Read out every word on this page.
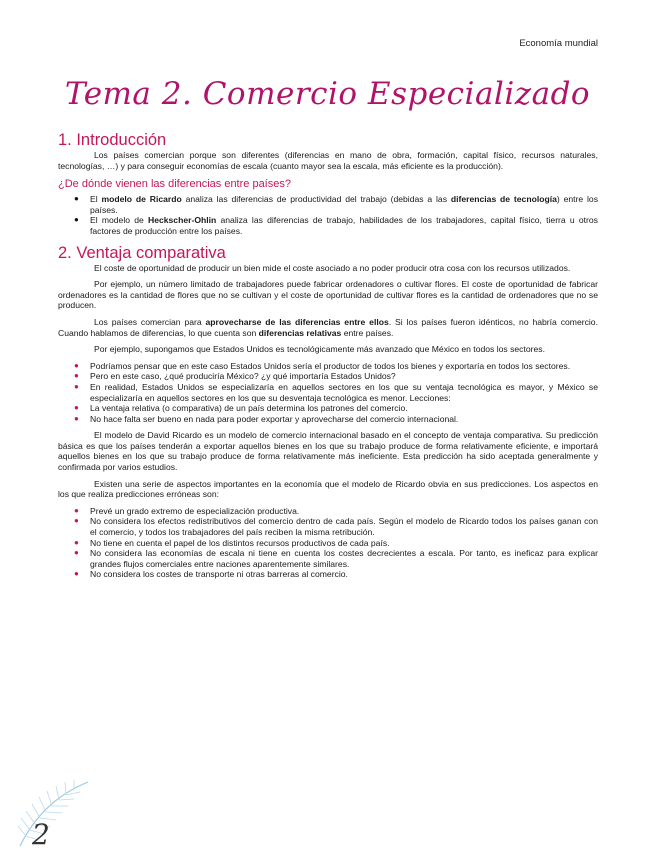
Economía mundial
Tema 2. Comercio Especializado
1. Introducción

Los países comercian porque son diferentes (diferencias en mano de obra, formación, capital físico, recursos naturales, tecnologías, …) y para conseguir economías de escala (cuanto mayor sea la escala, más eficiente es la producción).

¿De dónde vienen las diferencias entre países?
● El modelo de Ricardo analiza las diferencias de productividad del trabajo (debidas a las diferencias de tecnología) entre los países.
● El modelo de Heckscher-Ohlin analiza las diferencias de trabajo, habilidades de los trabajadores, capital físico, tierra u otros factores de producción entre los países.
2. Ventaja comparativa

El coste de oportunidad de producir un bien mide el coste asociado a no poder producir otra cosa con los recursos utilizados.

Por ejemplo, un número limitado de trabajadores puede fabricar ordenadores o cultivar flores. El coste de oportunidad de fabricar ordenadores es la cantidad de flores que no se cultivan y el coste de oportunidad de cultivar flores es la cantidad de ordenadores que no se producen.

Los países comercian para aprovecharse de las diferencias entre ellos. Si los países fueron idénticos, no habría comercio. Cuando hablamos de diferencias, lo que cuenta son diferencias relativas entre países.

Por ejemplo, supongamos que Estados Unidos es tecnológicamente más avanzado que México en todos los sectores.

● Podríamos pensar que en este caso Estados Unidos sería el productor de todos los bienes y exportaría en todos los sectores.
● Pero en este caso, ¿qué produciría México? ¿y qué importaría Estados Unidos?
● En realidad, Estados Unidos se especializaría en aquellos sectores en los que su ventaja tecnológica es mayor, y México se especializaría en aquellos sectores en los que su desventaja tecnológica es menor. Lecciones:
● La ventaja relativa (o comparativa) de un país determina los patrones del comercio.
● No hace falta ser bueno en nada para poder exportar y aprovecharse del comercio internacional.

El modelo de David Ricardo es un modelo de comercio internacional basado en el concepto de ventaja comparativa. Su predicción básica es que los países tenderán a exportar aquellos bienes en los que su trabajo produce de forma relativamente eficiente, e importará aquellos bienes en los que su trabajo produce de forma relativamente más ineficiente. Esta predicción ha sido aceptada generalmente y confirmada por varios estudios.

Existen una serie de aspectos importantes en la economía que el modelo de Ricardo obvia en sus predicciones. Los aspectos en los que realiza predicciones erróneas son:

● Prevé un grado extremo de especialización productiva.
● No considera los efectos redistributivos del comercio dentro de cada país. Según el modelo de Ricardo todos los países ganan con el comercio, y todos los trabajadores del país reciben la misma retribución.
● No tiene en cuenta el papel de los distintos recursos productivos de cada país.
● No considera las economías de escala ni tiene en cuenta los costes decrecientes a escala. Por tanto, es ineficaz para explicar grandes flujos comerciales entre naciones aparentemente similares.
● No considera los costes de transporte ni otras barreras al comercio.
2
